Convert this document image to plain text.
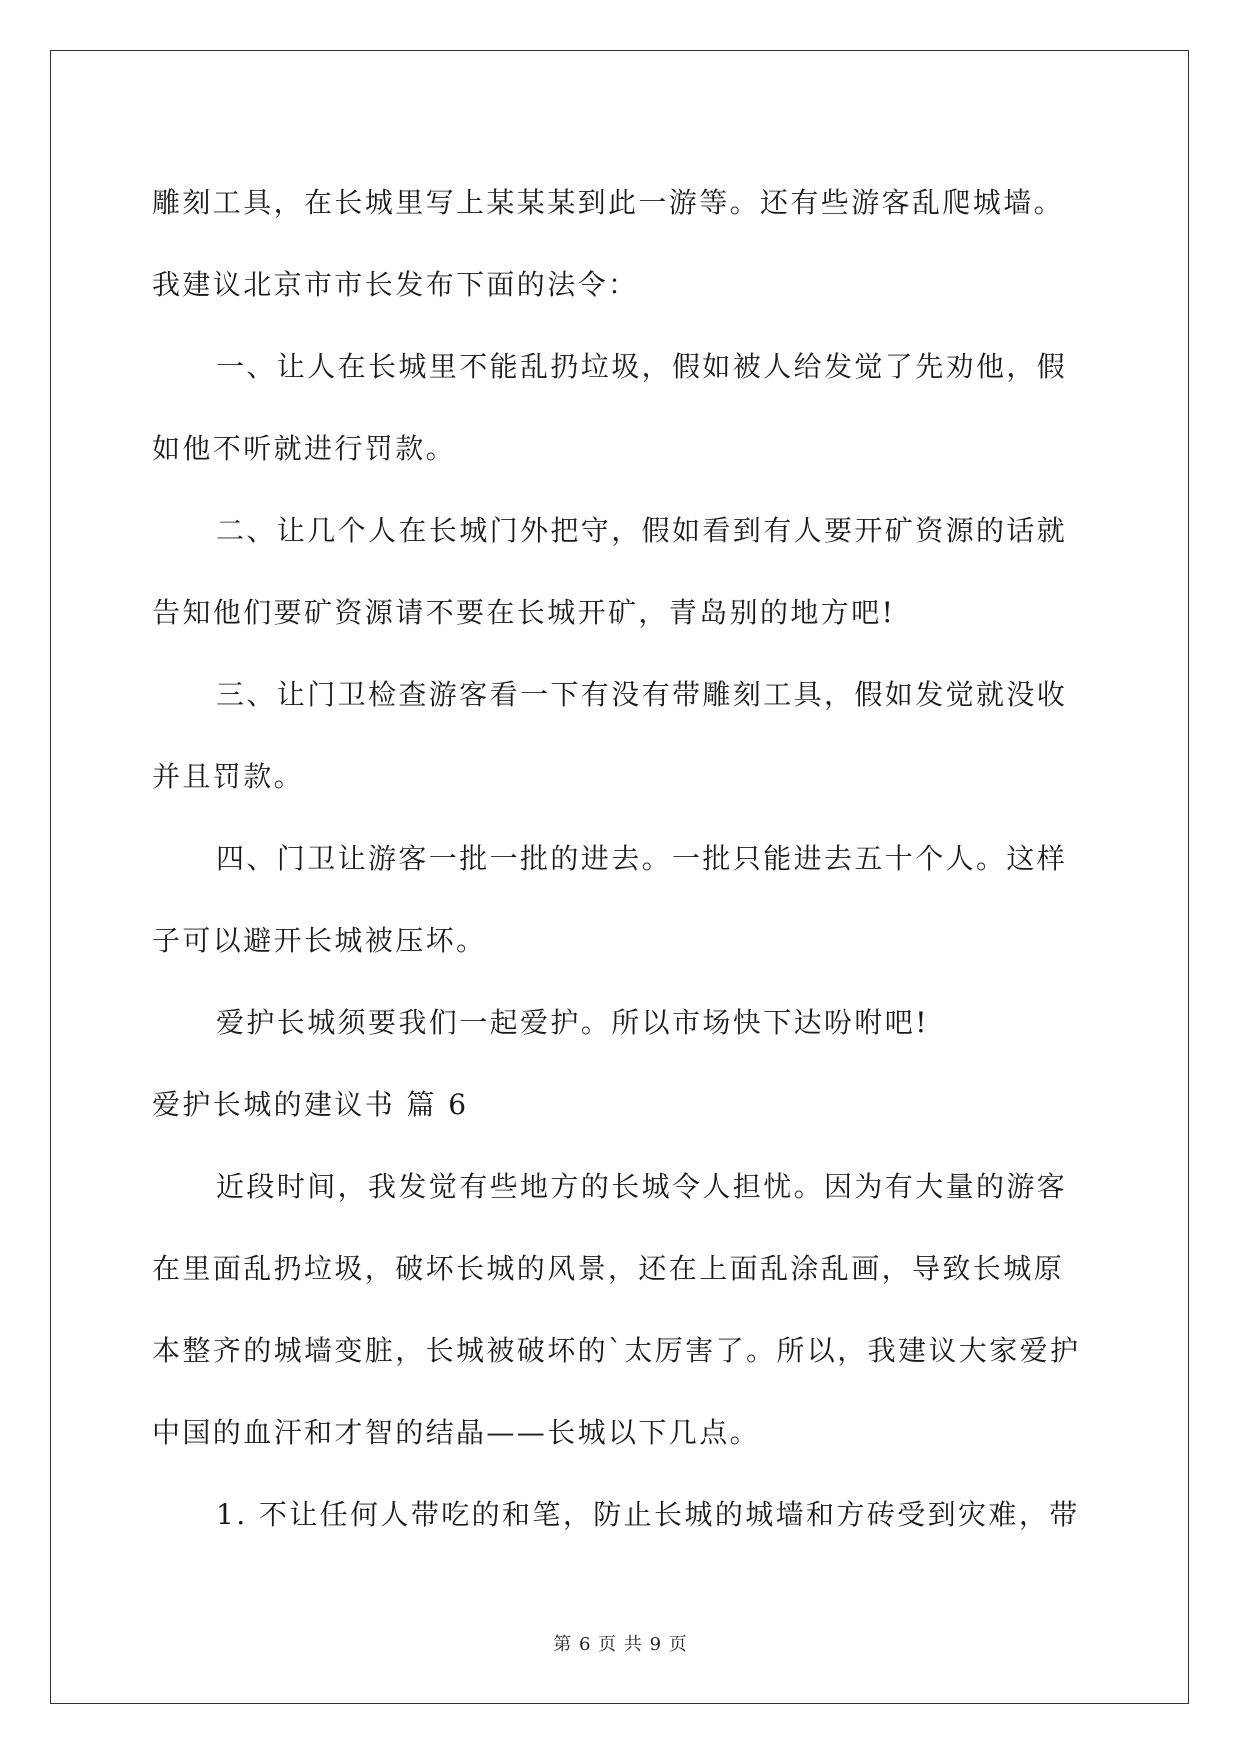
雕刻工具，在长城里写上某某某到此一游等。还有些游客乱爬城墙。
我建议北京市市长发布下面的法令：
一、让人在长城里不能乱扔垃圾，假如被人给发觉了先劝他，假
如他不听就进行罚款。
二、让几个人在长城门外把守，假如看到有人要开矿资源的话就
告知他们要矿资源请不要在长城开矿，青岛别的地方吧!
三、让门卫检查游客看一下有没有带雕刻工具，假如发觉就没收
并且罚款。
四、门卫让游客一批一批的进去。一批只能进去五十个人。这样
子可以避开长城被压坏。
爱护长城须要我们一起爱护。所以市场快下达吩咐吧!
爱护长城的建议书 篇 6
近段时间，我发觉有些地方的长城令人担忧。因为有大量的游客
在里面乱扔垃圾，破坏长城的风景，还在上面乱涂乱画，导致长城原
本整齐的城墙变脏，长城被破坏的`太厉害了。所以，我建议大家爱护
中国的血汗和才智的结晶——长城以下几点。
1. 不让任何人带吃的和笔，防止长城的城墙和方砖受到灾难，带
第 6 页 共 9 页
